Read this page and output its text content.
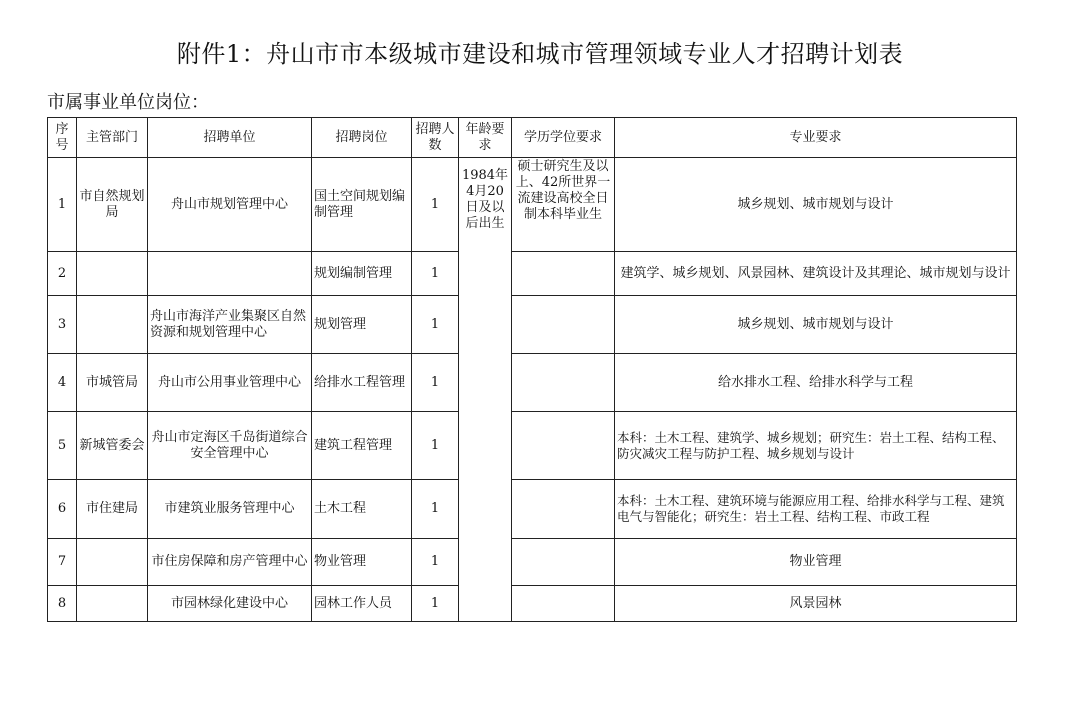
附件1：舟山市市本级城市建设和城市管理领域专业人才招聘计划表
市属事业单位岗位：
序号	主管部门	招聘单位	招聘岗位	招聘人数	年龄要求	学历学位要求	专业要求
1	市自然规划局	舟山市规划管理中心	国土空间规划编制管理	1	1984年4月20日及以后出生	硕士研究生及以上、42所世界一流建设高校全日制本科毕业生	城乡规划、城市规划与设计
2			规划编制管理	1			建筑学、城乡规划、风景园林、建筑设计及其理论、城市规划与设计
3		舟山市海洋产业集聚区自然资源和规划管理中心	规划管理	1			城乡规划、城市规划与设计
4	市城管局	舟山市公用事业管理中心	给排水工程管理	1			给水排水工程、给排水科学与工程
5	新城管委会	舟山市定海区千岛街道综合安全管理中心	建筑工程管理	1			本科：土木工程、建筑学、城乡规划；研究生：岩土工程、结构工程、防灾减灾工程与防护工程、城乡规划与设计
6	市住建局	市建筑业服务管理中心	土木工程	1			本科：土木工程、建筑环境与能源应用工程、给排水科学与工程、建筑电气与智能化；研究生：岩土工程、结构工程、市政工程
7		市住房保障和房产管理中心	物业管理	1			物业管理
8		市园林绿化建设中心	园林工作人员	1			风景园林
